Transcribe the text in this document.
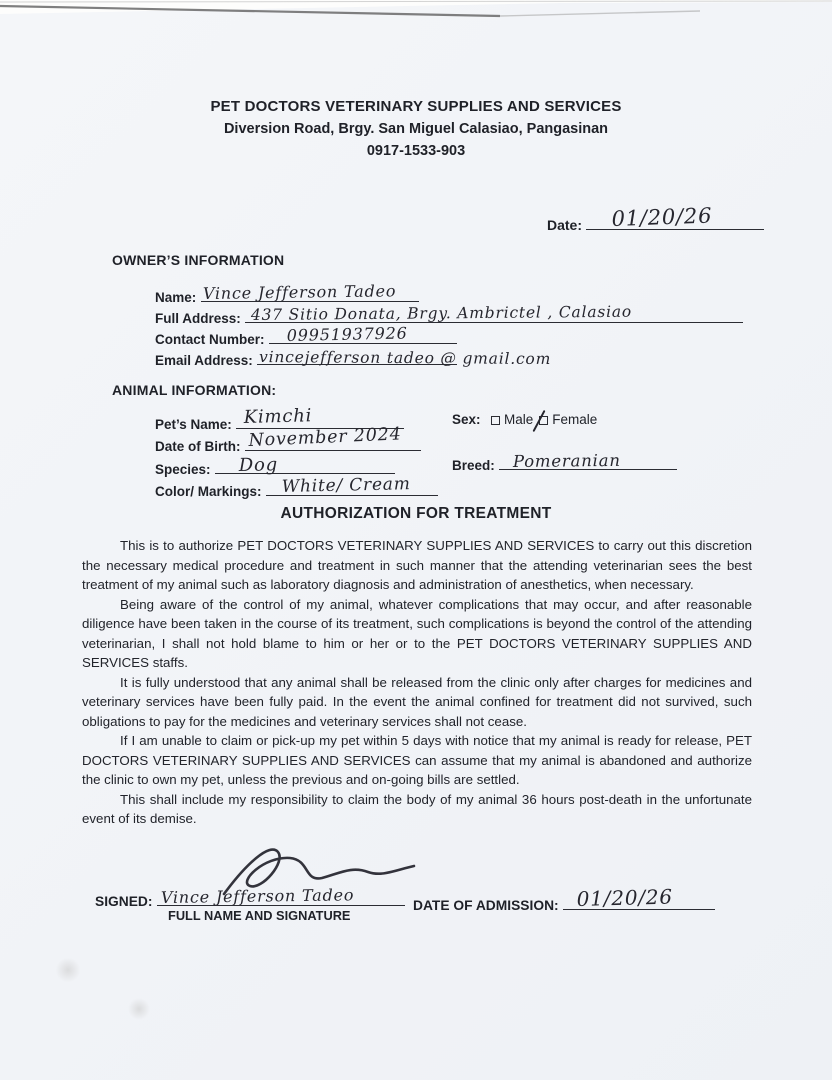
PET DOCTORS VETERINARY SUPPLIES AND SERVICES
Diversion Road, Brgy. San Miguel Calasiao, Pangasinan
0917-1533-903
Date: 01/20/26
OWNER’S INFORMATION
Name: Vince Jefferson Tadeo
Full Address: 437 Sitio Donata, Brgy. Ambrictel , Calasiao
Contact Number: 09951937926
Email Address: vincejefferson tadeo @ gmail.com
ANIMAL INFORMATION:
Pet’s Name: Kimchi
Date of Birth: November 2024
Species: Dog
Color/ Markings: White/ Cream
Sex: Male Female
Breed: Pomeranian
AUTHORIZATION FOR TREATMENT

This is to authorize PET DOCTORS VETERINARY SUPPLIES AND SERVICES to carry out this discretion the necessary medical procedure and treatment in such manner that the attending veterinarian sees the best treatment of my animal such as laboratory diagnosis and administration of anesthetics, when necessary.

Being aware of the control of my animal, whatever complications that may occur, and after reasonable diligence have been taken in the course of its treatment, such complications is beyond the control of the attending veterinarian, I shall not hold blame to him or her or to the PET DOCTORS VETERINARY SUPPLIES AND SERVICES staffs.

It is fully understood that any animal shall be released from the clinic only after charges for medicines and veterinary services have been fully paid. In the event the animal confined for treatment did not survived, such obligations to pay for the medicines and veterinary services shall not cease.

If I am unable to claim or pick-up my pet within 5 days with notice that my animal is ready for release, PET DOCTORS VETERINARY SUPPLIES AND SERVICES can assume that my animal is abandoned and authorize the clinic to own my pet, unless the previous and on-going bills are settled.

This shall include my responsibility to claim the body of my animal 36 hours post-death in the unfortunate event of its demise.

SIGNED: Vince Jefferson Tadeo
FULL NAME AND SIGNATURE
DATE OF ADMISSION: 01/20/26
